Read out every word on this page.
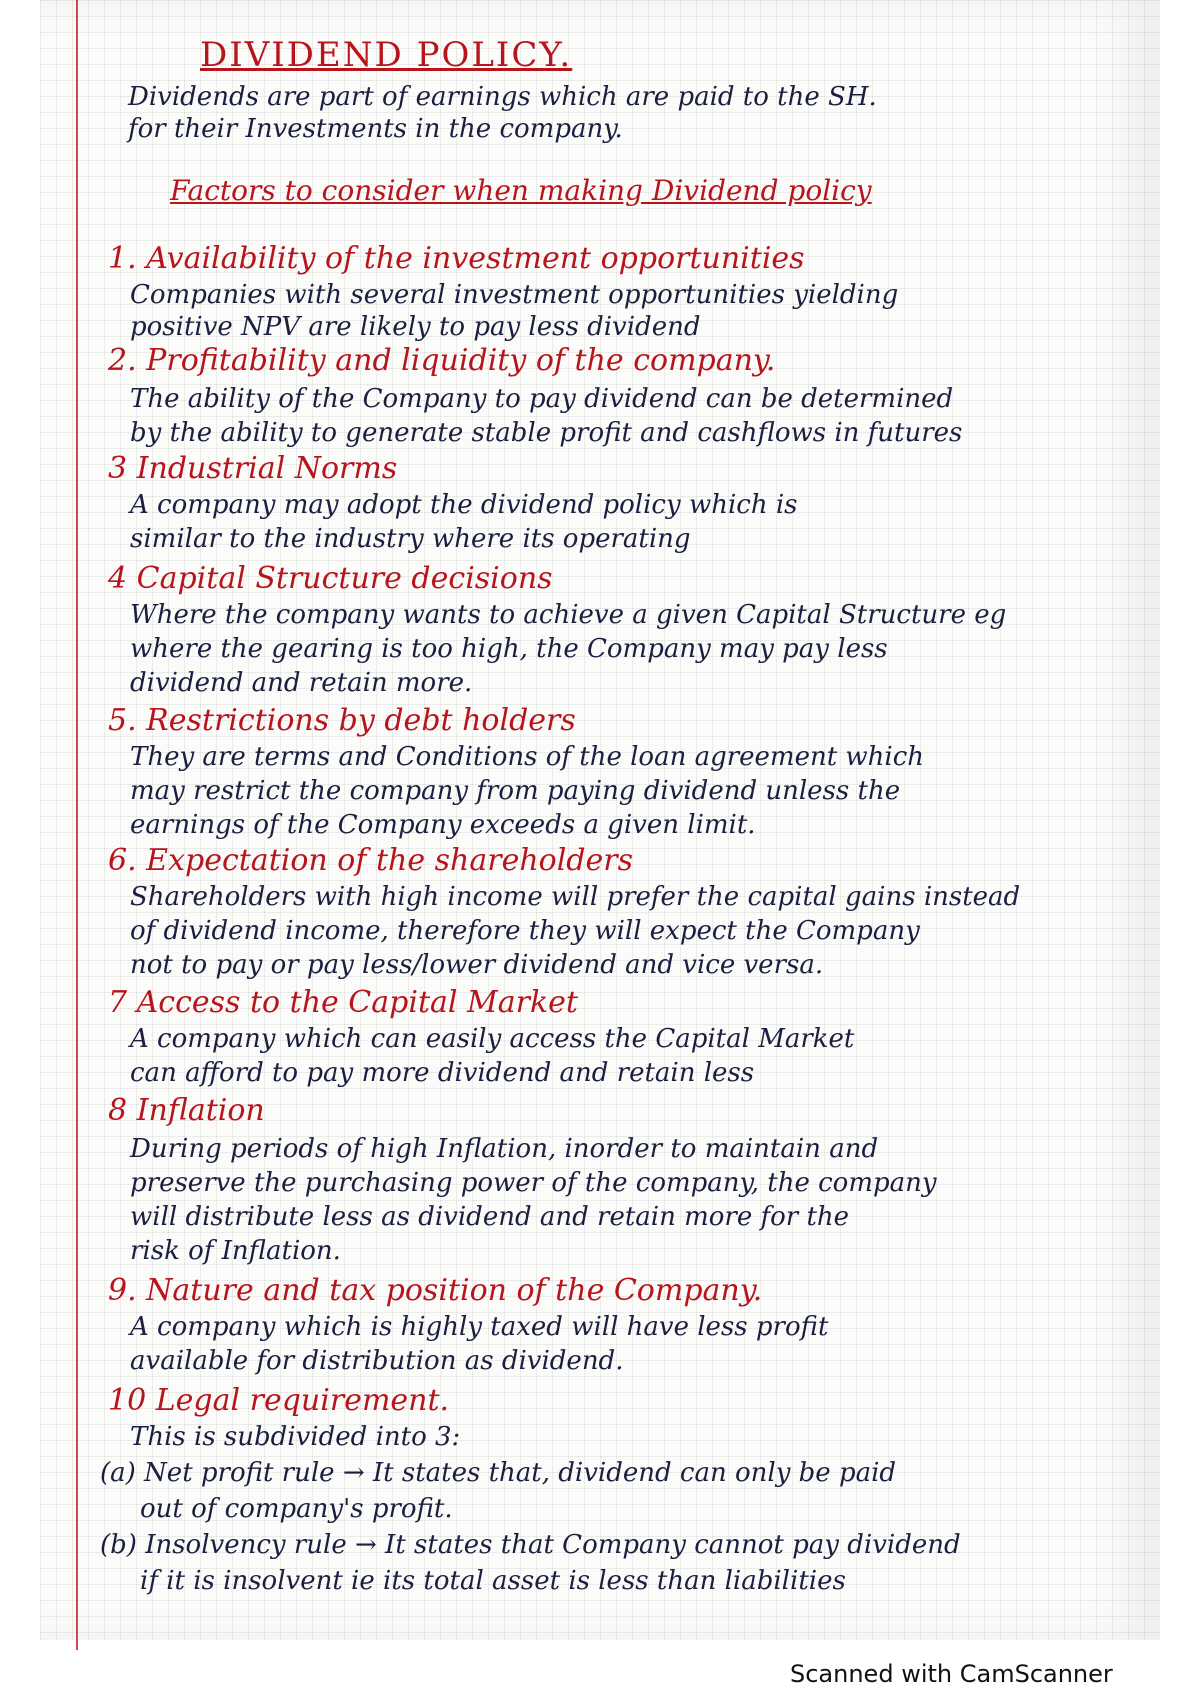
DIVIDEND POLICY.
Dividends are part of earnings which are paid to the SH.
for their Investments in the company.
Factors to consider when making Dividend policy
1. Availability of the investment opportunities
Companies with several investment opportunities yielding
positive NPV are likely to pay less dividend
2. Profitability and liquidity of the company.
The ability of the Company to pay dividend can be determined
by the ability to generate stable profit and cashflows in futures
3 Industrial Norms
A company may adopt the dividend policy which is
similar to the industry where its operating
4 Capital Structure decisions
Where the company wants to achieve a given Capital Structure eg
where the gearing is too high, the Company may pay less
dividend and retain more.
5. Restrictions by debt holders
They are terms and Conditions of the loan agreement which
may restrict the company from paying dividend unless the
earnings of the Company exceeds a given limit.
6. Expectation of the shareholders
Shareholders with high income will prefer the capital gains instead
of dividend income, therefore they will expect the Company
not to pay or pay less/lower dividend and vice versa.
7 Access to the Capital Market
A company which can easily access the Capital Market
can afford to pay more dividend and retain less
8 Inflation
During periods of high Inflation, inorder to maintain and
preserve the purchasing power of the company, the company
will distribute less as dividend and retain more for the
risk of Inflation.
9. Nature and tax position of the Company.
A company which is highly taxed will have less profit
available for distribution as dividend.
10 Legal requirement.
This is subdivided into 3:
(a) Net profit rule → It states that, dividend can only be paid
out of company's profit.
(b) Insolvency rule → It states that Company cannot pay dividend
if it is insolvent ie its total asset is less than liabilities
Scanned with CamScanner
